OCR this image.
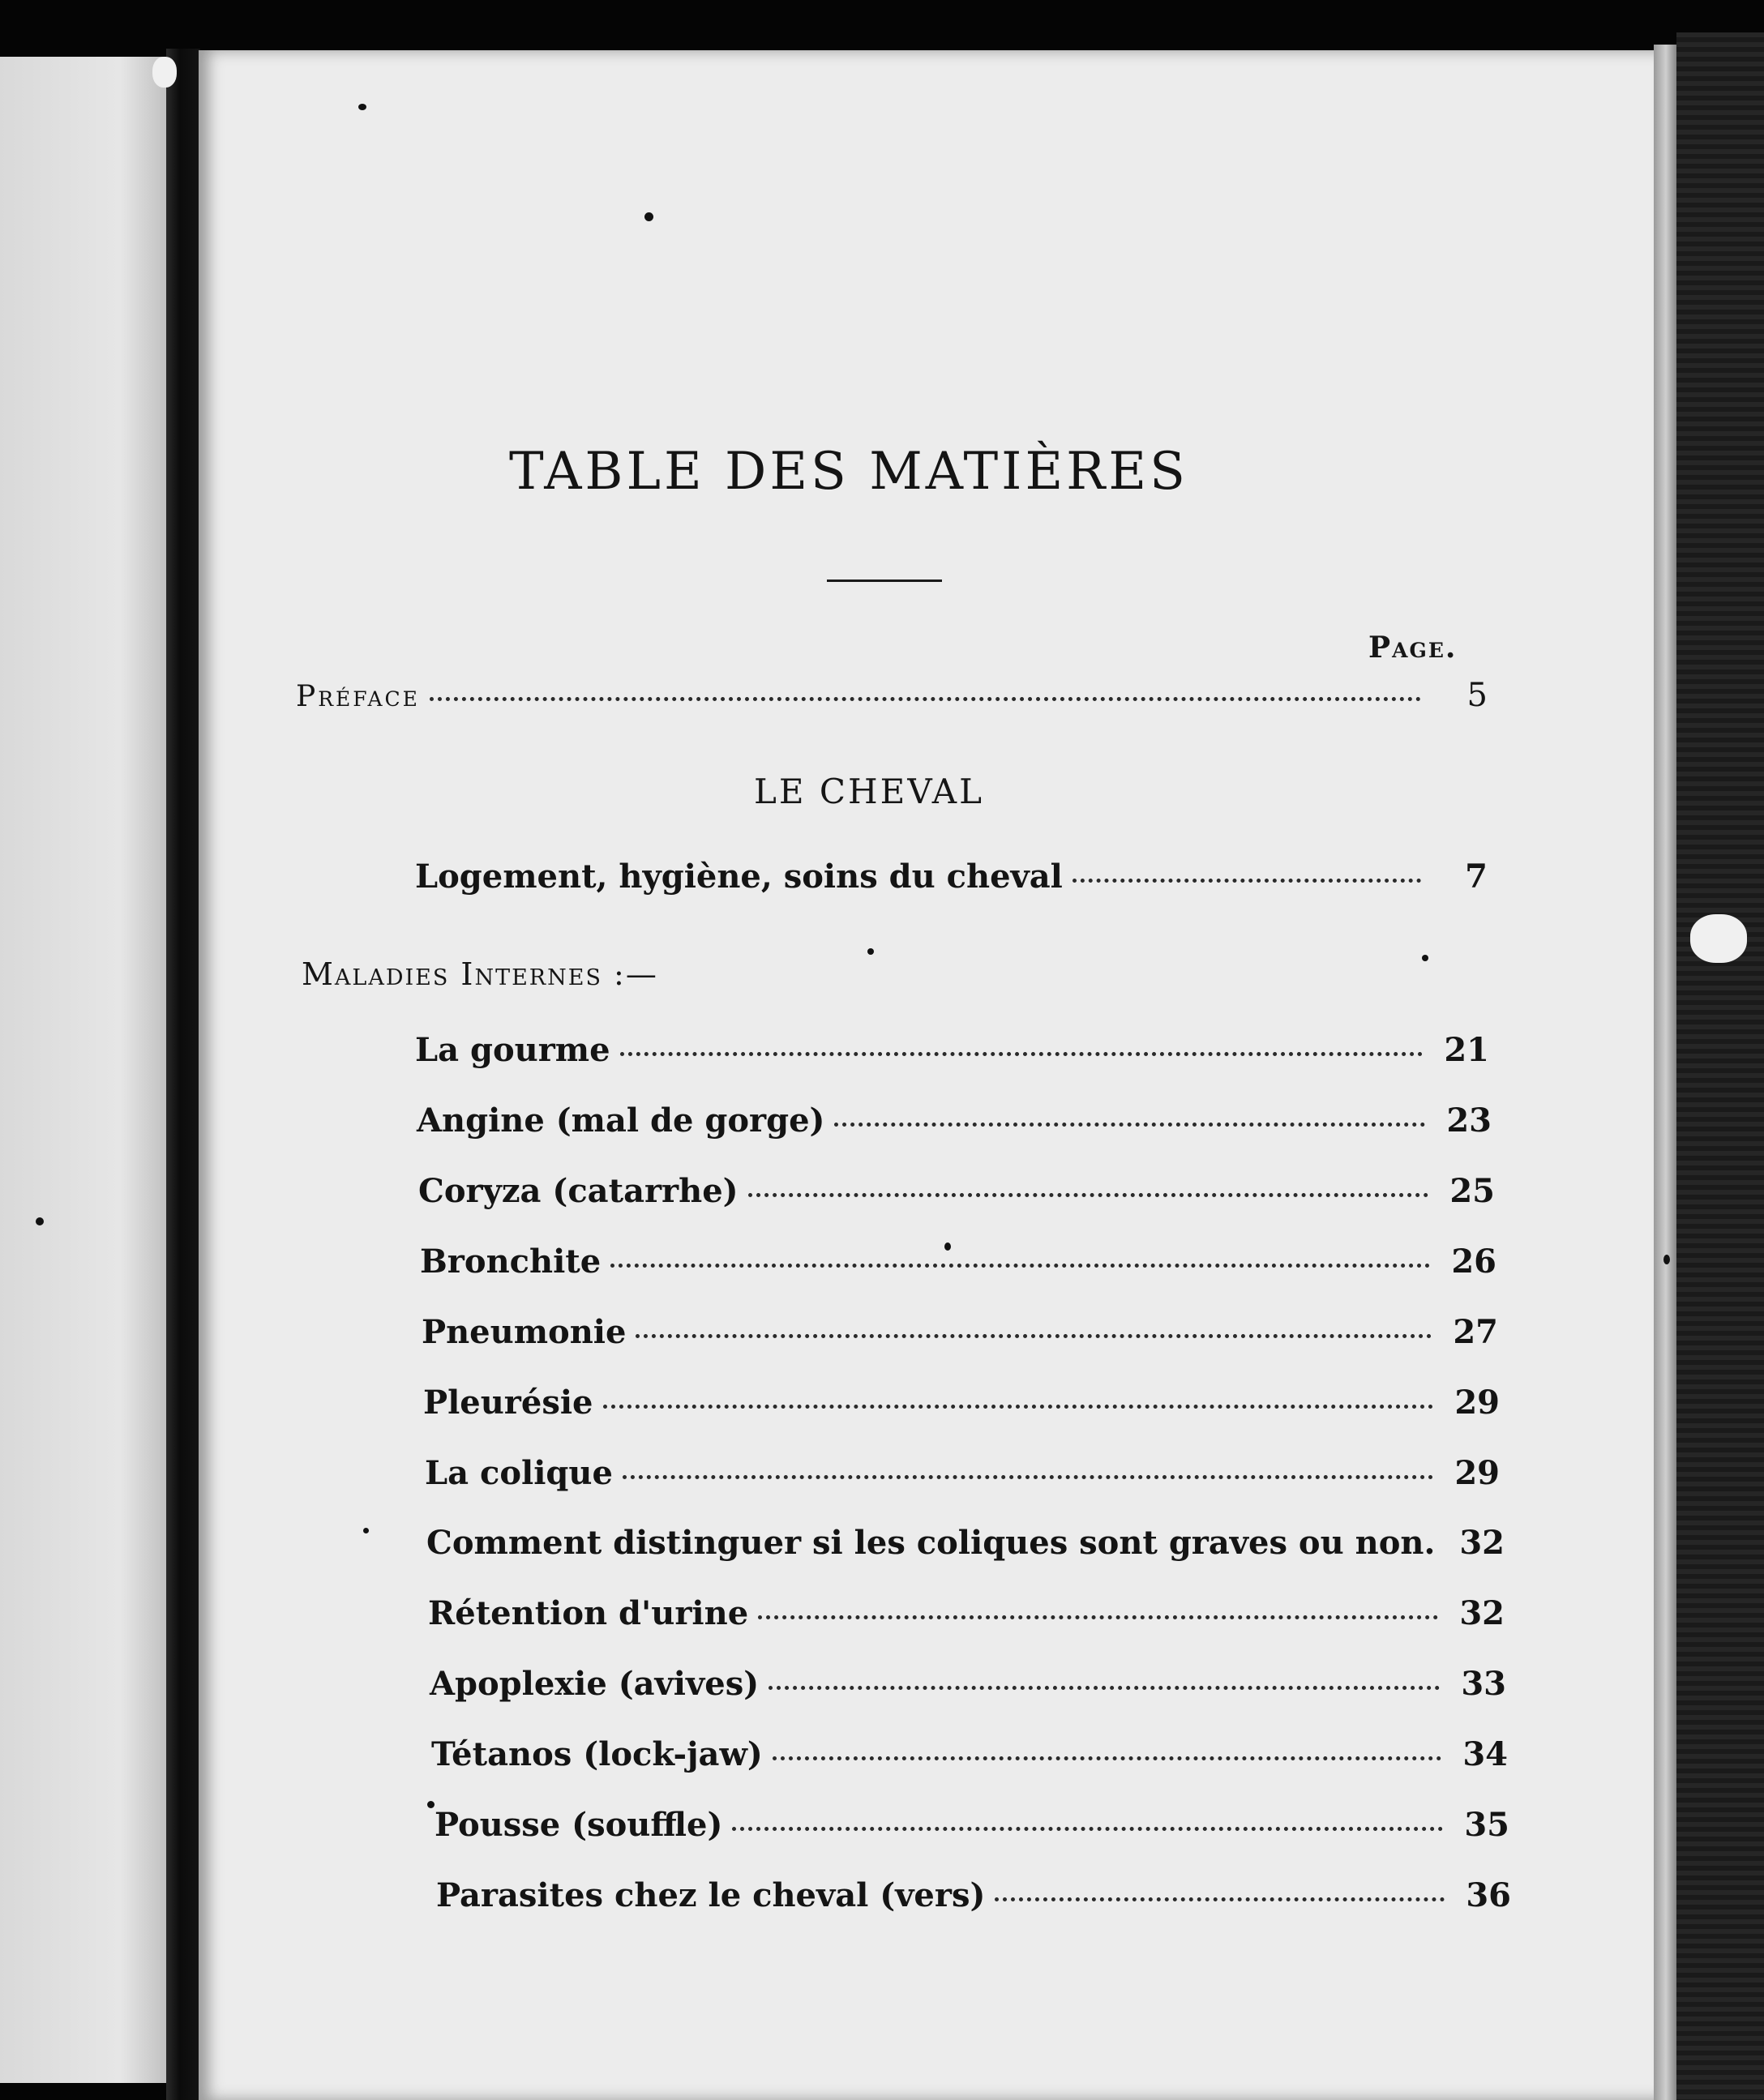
TABLE DES MATIÈRES
Page.
Préface	5
LE CHEVAL
Logement, hygiène, soins du cheval	7
Maladies Internes :—
La gourme	21
Angine (mal de gorge)	23
Coryza (catarrhe)	25
Bronchite	26
Pneumonie	27
Pleurésie	29
La colique	29
Comment distinguer si les coliques sont graves ou non. 32
Rétention d'urine	32
Apoplexie (avives)	33
Tétanos (lock-jaw)	34
Pousse (souffle)	35
Parasites chez le cheval (vers)	36
